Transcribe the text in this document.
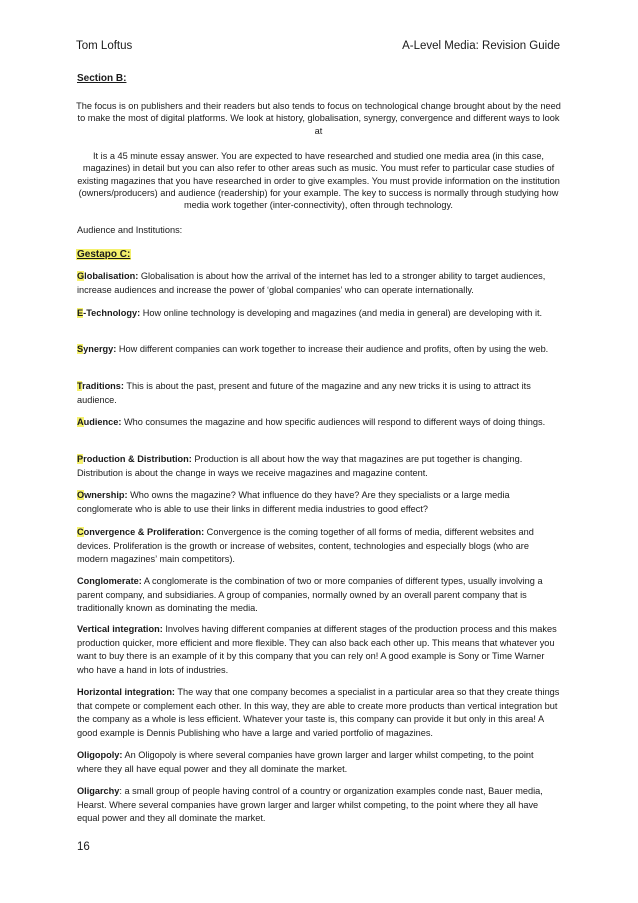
Tom Loftus	A-Level Media: Revision Guide
Section B:
The focus is on publishers and their readers but also tends to focus on technological change brought about by the need to make the most of digital platforms. We look at history, globalisation, synergy, convergence and different ways to look at
It is a 45 minute essay answer. You are expected to have researched and studied one media area (in this case, magazines) in detail but you can also refer to other areas such as music. You must refer to particular case studies of existing magazines that you have researched in order to give examples. You must provide information on the institution (owners/producers) and audience (readership) for your example. The key to success is normally through studying how media work together (inter-connectivity), often through technology.
Audience and Institutions:
Gestapo C:
Globalisation: Globalisation is about how the arrival of the internet has led to a stronger ability to target audiences, increase audiences and increase the power of ‘global companies’ who can operate internationally.
E-Technology: How online technology is developing and magazines (and media in general) are developing with it.
Synergy: How different companies can work together to increase their audience and profits, often by using the web.
Traditions: This is about the past, present and future of the magazine and any new tricks it is using to attract its audience.
Audience: Who consumes the magazine and how specific audiences will respond to different ways of doing things.
Production & Distribution: Production is all about how the way that magazines are put together is changing. Distribution is about the change in ways we receive magazines and magazine content.
Ownership: Who owns the magazine? What influence do they have? Are they specialists or a large media conglomerate who is able to use their links in different media industries to good effect?
Convergence & Proliferation: Convergence is the coming together of all forms of media, different websites and devices. Proliferation is the growth or increase of websites, content, technologies and especially blogs (who are modern magazines’ main competitors).
Conglomerate: A conglomerate is the combination of two or more companies of different types, usually involving a parent company, and subsidiaries. A group of companies, normally owned by an overall parent company that is traditionally known as dominating the media.
Vertical integration: Involves having different companies at different stages of the production process and this makes production quicker, more efficient and more flexible. They can also back each other up. This means that whatever you want to buy there is an example of it by this company that you can rely on! A good example is Sony or Time Warner who have a hand in lots of industries.
Horizontal integration: The way that one company becomes a specialist in a particular area so that they create things that compete or complement each other. In this way, they are able to create more products than vertical integration but the company as a whole is less efficient. Whatever your taste is, this company can provide it but only in this area! A good example is Dennis Publishing who have a large and varied portfolio of magazines.
Oligopoly: An Oligopoly is where several companies have grown larger and larger whilst competing, to the point where they all have equal power and they all dominate the market.
Oligarchy: a small group of people having control of a country or organization examples conde nast, Bauer media, Hearst. Where several companies have grown larger and larger whilst competing, to the point where they all have equal power and they all dominate the market.
16
